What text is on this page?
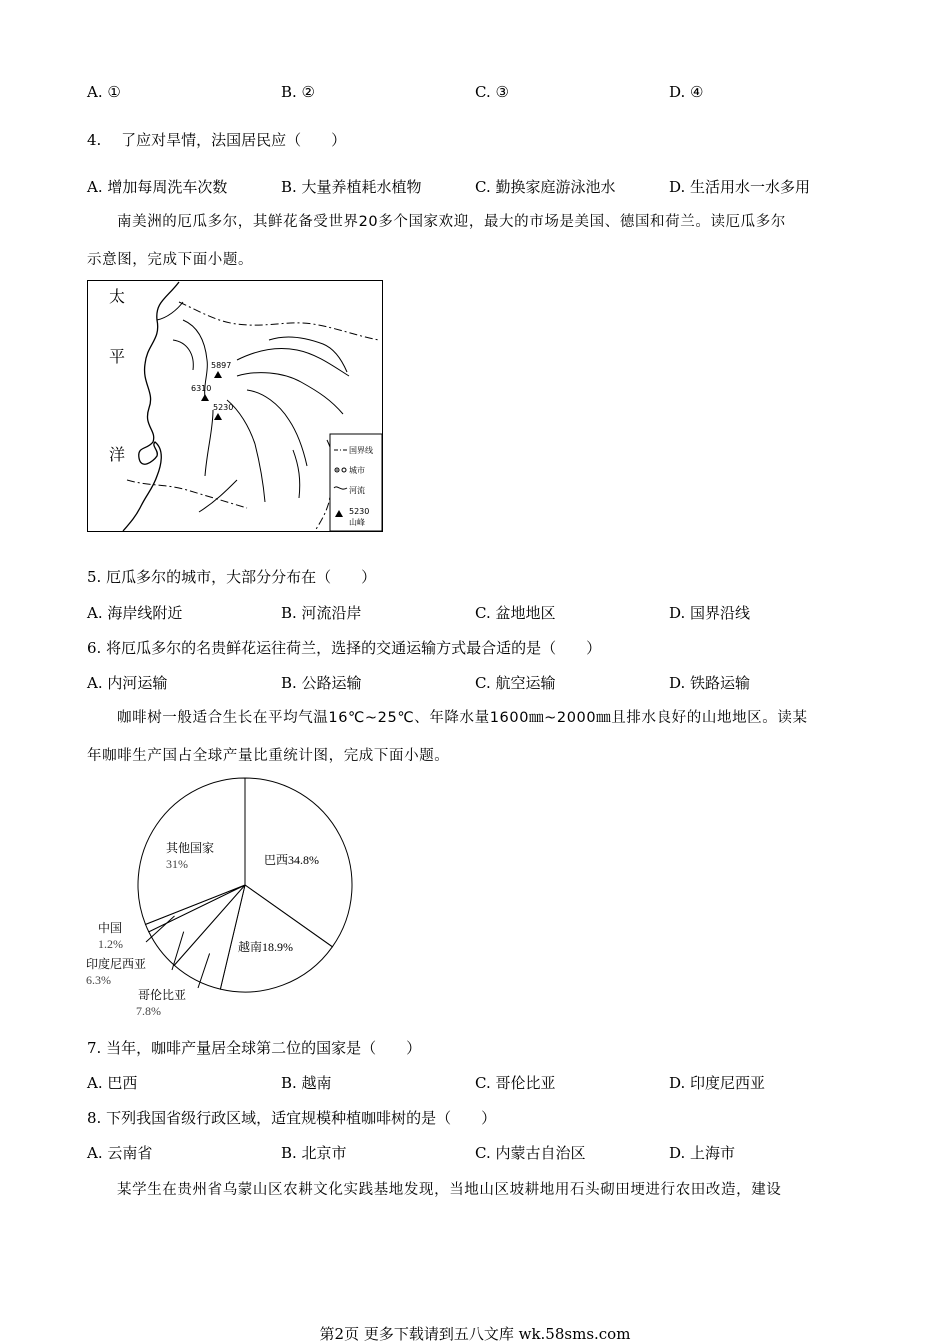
A. ①	B. ②	C. ③	D. ④
4.　 了应对旱情，法国居民应（　　）
A. 增加每周洗车次数	B. 大量养植耗水植物	C. 勤换家庭游泳池水	D. 生活用水一水多用
南美洲的厄瓜多尔，其鲜花备受世界20多个国家欢迎，最大的市场是美国、德国和荷兰。读厄瓜多尔
示意图，完成下面小题。
太
平
洋
5897
6310
5230
国界线
城市
河流
5230
山峰
5. 厄瓜多尔的城市，大部分分布在（　　）
A. 海岸线附近	B. 河流沿岸	C. 盆地地区	D. 国界沿线
6. 将厄瓜多尔的名贵鲜花运往荷兰，选择的交通运输方式最合适的是（　　）
A. 内河运输	B. 公路运输	C. 航空运输	D. 铁路运输
咖啡树一般适合生长在平均气温16℃~25℃、年降水量1600㎜~2000㎜且排水良好的山地地区。读某
年咖啡生产国占全球产量比重统计图，完成下面小题。
巴西34.8%
越南18.9%
其他国家
31%
中国
1.2%
印度尼西亚
6.3%
哥伦比亚
7.8%
7. 当年，咖啡产量居全球第二位的国家是（　　）
A. 巴西	B. 越南	C. 哥伦比亚	D. 印度尼西亚
8. 下列我国省级行政区域，适宜规模种植咖啡树的是（　　）
A. 云南省	B. 北京市	C. 内蒙古自治区	D. 上海市
某学生在贵州省乌蒙山区农耕文化实践基地发现，当地山区坡耕地用石头砌田埂进行农田改造，建设
第2页 更多下载请到五八文库 wk.58sms.com
